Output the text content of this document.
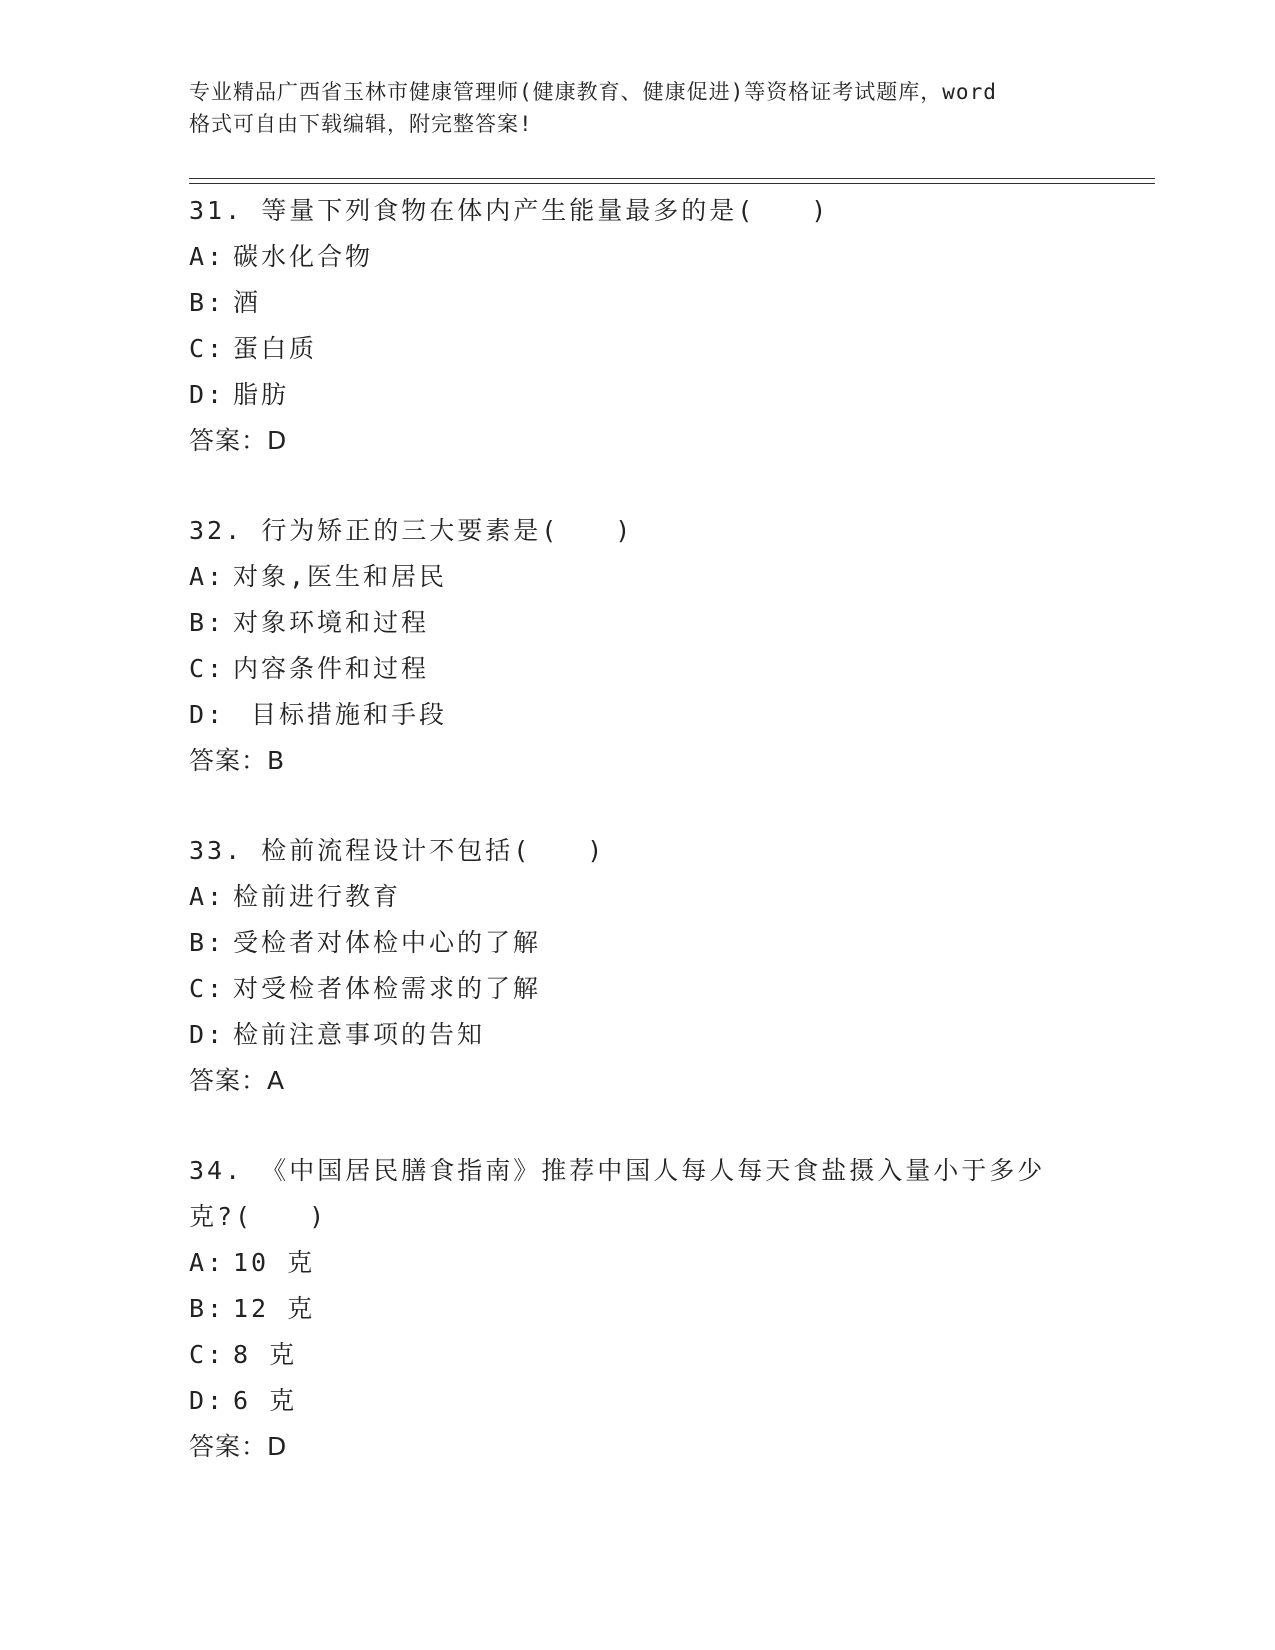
专业精品广西省玉林市健康管理师(健康教育、健康促进)等资格证考试题库，word
格式可自由下载编辑，附完整答案!
31. 等量下列食物在体内产生能量最多的是(　　)
A: 碳水化合物
B: 酒
C: 蛋白质
D: 脂肪
答案：D
32. 行为矫正的三大要素是(　　)
A: 对象,医生和居民
B: 对象环境和过程
C: 内容条件和过程
D: 目标措施和手段
答案：B
33. 检前流程设计不包括(　　)
A: 检前进行教育
B: 受检者对体检中心的了解
C: 对受检者体检需求的了解
D: 检前注意事项的告知
答案：A
34. 《中国居民膳食指南》推荐中国人每人每天食盐摄入量小于多少
克?(　　)
A: 10 克
B: 12 克
C: 8 克
D: 6 克
答案：D
